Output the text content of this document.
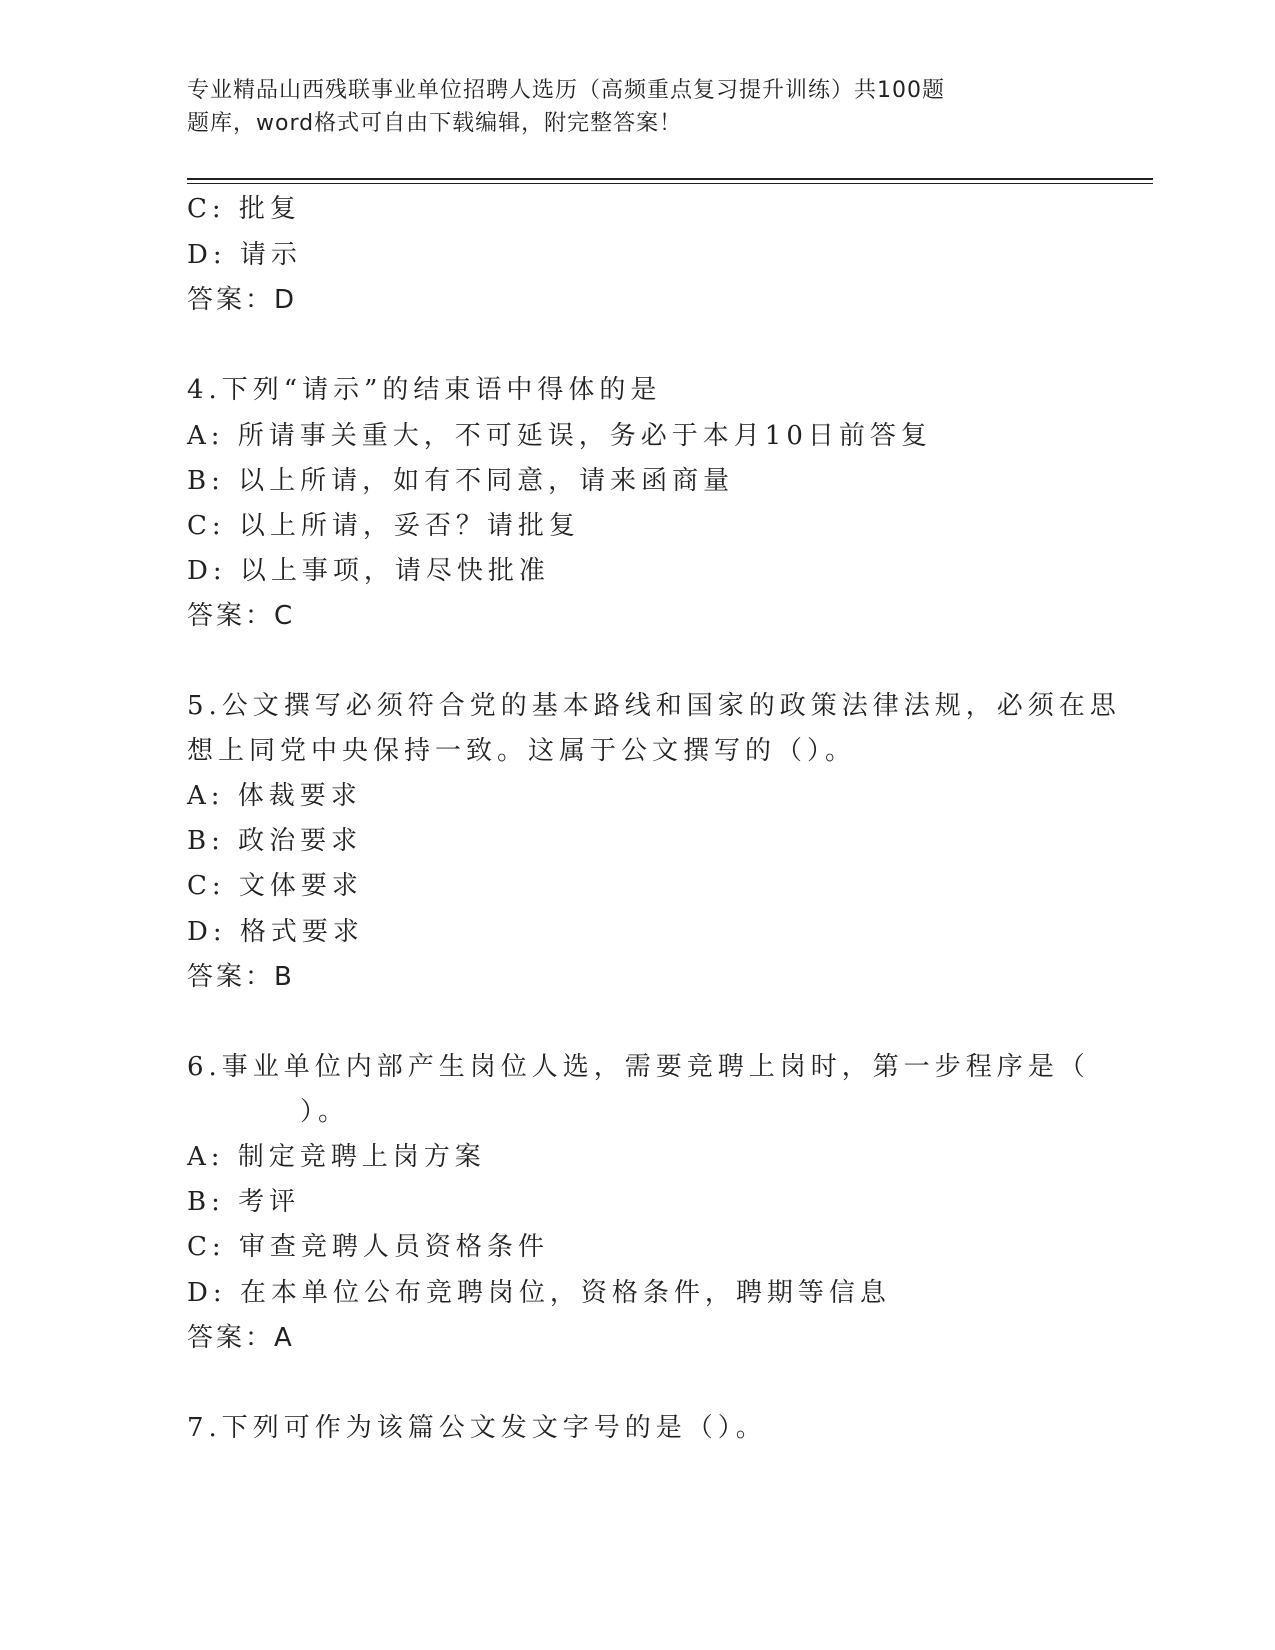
专业精品山西残联事业单位招聘人选历（高频重点复习提升训练）共100题
题库，word格式可自由下载编辑，附完整答案！
C: 批复
D: 请示
答案：D
4.下列“请示”的结束语中得体的是
A: 所请事关重大，不可延误，务必于本月10日前答复
B: 以上所请，如有不同意，请来函商量
C: 以上所请，妥否？请批复
D: 以上事项，请尽快批准
答案：C
5.公文撰写必须符合党的基本路线和国家的政策法律法规，必须在思
想上同党中央保持一致。这属于公文撰写的（）。
A: 体裁要求
B: 政治要求
C: 文体要求
D: 格式要求
答案：B
6.事业单位内部产生岗位人选，需要竞聘上岗时，第一步程序是（
）。
A: 制定竞聘上岗方案
B: 考评
C: 审查竞聘人员资格条件
D: 在本单位公布竞聘岗位，资格条件，聘期等信息
答案：A
7.下列可作为该篇公文发文字号的是（）。
